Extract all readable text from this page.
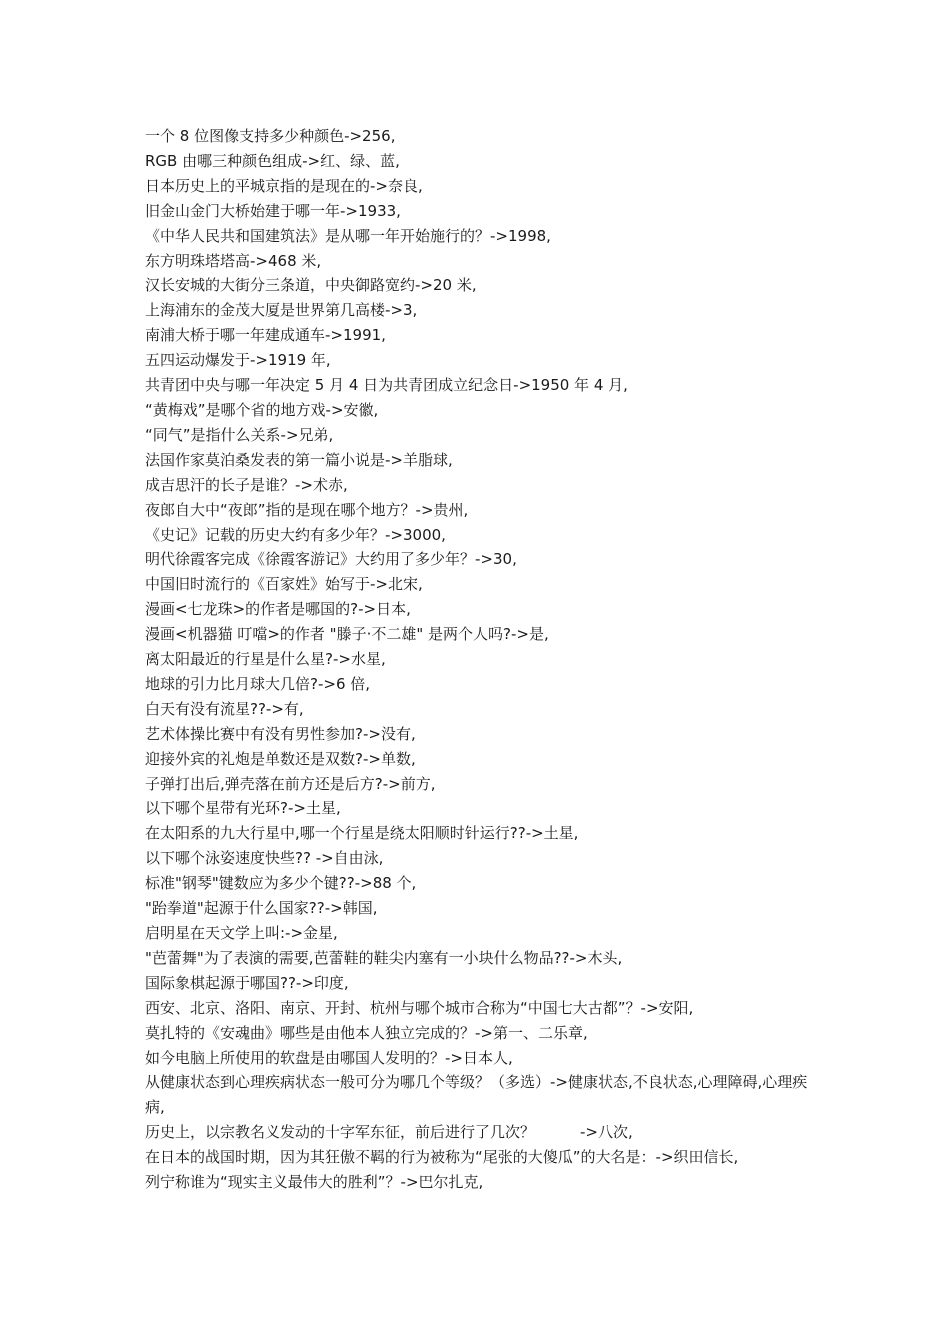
一个 8 位图像支持多少种颜色->256,

RGB 由哪三种颜色组成->红、绿、蓝,

日本历史上的平城京指的是现在的->奈良,

旧金山金门大桥始建于哪一年->1933,

《中华人民共和国建筑法》是从哪一年开始施行的？->1998,

东方明珠塔塔高->468 米,

汉长安城的大街分三条道，中央御路宽约->20 米,

上海浦东的金茂大厦是世界第几高楼->3,

南浦大桥于哪一年建成通车->1991,

五四运动爆发于->1919 年,

共青团中央与哪一年决定 5 月 4 日为共青团成立纪念日->1950 年 4 月,

“黄梅戏”是哪个省的地方戏->安徽,

“同气”是指什么关系->兄弟,

法国作家莫泊桑发表的第一篇小说是->羊脂球,

成吉思汗的长子是谁？->术赤,

夜郎自大中“夜郎”指的是现在哪个地方？->贵州,

《史记》记载的历史大约有多少年？->3000,

明代徐霞客完成《徐霞客游记》大约用了多少年？->30,

中国旧时流行的《百家姓》始写于->北宋,

漫画<七龙珠>的作者是哪国的?->日本,

漫画<机器猫 叮噹>的作者 "滕子·不二雄" 是两个人吗?->是,

离太阳最近的行星是什么星?->水星,

地球的引力比月球大几倍?->6 倍,

白天有没有流星??->有,

艺术体操比赛中有没有男性参加?->没有,

迎接外宾的礼炮是单数还是双数?->单数,

子弹打出后,弹壳落在前方还是后方?->前方,

以下哪个星带有光环?->土星,

在太阳系的九大行星中,哪一个行星是绕太阳顺时针运行??->土星,

以下哪个泳姿速度快些?? ->自由泳,

标准"钢琴"键数应为多少个键??->88 个,

"跆拳道"起源于什么国家??->韩国,

启明星在天文学上叫:->金星,

"芭蕾舞"为了表演的需要,芭蕾鞋的鞋尖内塞有一小块什么物品??->木头,

国际象棋起源于哪国??->印度,

西安、北京、洛阳、南京、开封、杭州与哪个城市合称为“中国七大古都”？->安阳,

莫扎特的《安魂曲》哪些是由他本人独立完成的？->第一、二乐章,

如今电脑上所使用的软盘是由哪国人发明的？->日本人,

从健康状态到心理疾病状态一般可分为哪几个等级？（多选）->健康状态,不良状态,心理障碍,心理疾病,

历史上，以宗教名义发动的十字军东征，前后进行了几次？　　　->八次,

在日本的战国时期，因为其狂傲不羁的行为被称为“尾张的大傻瓜”的大名是：->织田信长,

列宁称谁为“现实主义最伟大的胜利”？->巴尔扎克,
